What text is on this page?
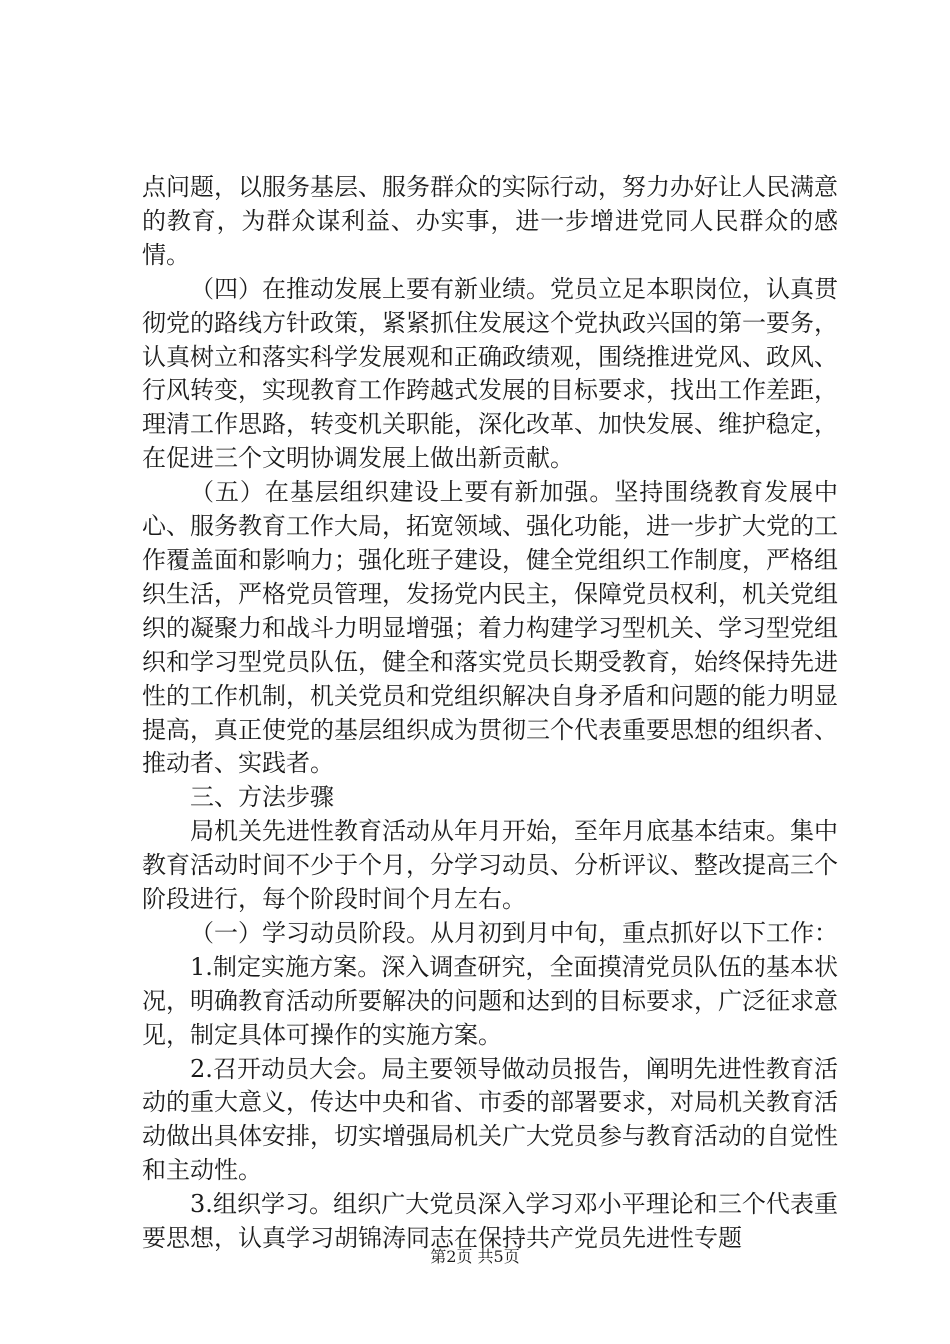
点问题，以服务基层、服务群众的实际行动，努力办好让人民满意的教育，为群众谋利益、办实事，进一步增进党同人民群众的感情。

（四）在推动发展上要有新业绩。党员立足本职岗位，认真贯彻党的路线方针政策，紧紧抓住发展这个党执政兴国的第一要务，认真树立和落实科学发展观和正确政绩观，围绕推进党风、政风、行风转变，实现教育工作跨越式发展的目标要求，找出工作差距，理清工作思路，转变机关职能，深化改革、加快发展、维护稳定，在促进三个文明协调发展上做出新贡献。

（五）在基层组织建设上要有新加强。坚持围绕教育发展中心、服务教育工作大局，拓宽领域、强化功能，进一步扩大党的工作覆盖面和影响力；强化班子建设，健全党组织工作制度，严格组织生活，严格党员管理，发扬党内民主，保障党员权利，机关党组织的凝聚力和战斗力明显增强；着力构建学习型机关、学习型党组织和学习型党员队伍，健全和落实党员长期受教育，始终保持先进性的工作机制，机关党员和党组织解决自身矛盾和问题的能力明显提高，真正使党的基层组织成为贯彻三个代表重要思想的组织者、推动者、实践者。

三、方法步骤

局机关先进性教育活动从年月开始，至年月底基本结束。集中教育活动时间不少于个月，分学习动员、分析评议、整改提高三个阶段进行，每个阶段时间个月左右。

（一）学习动员阶段。从月初到月中旬，重点抓好以下工作：

1.制定实施方案。深入调查研究，全面摸清党员队伍的基本状况，明确教育活动所要解决的问题和达到的目标要求，广泛征求意见，制定具体可操作的实施方案。

2.召开动员大会。局主要领导做动员报告，阐明先进性教育活动的重大意义，传达中央和省、市委的部署要求，对局机关教育活动做出具体安排，切实增强局机关广大党员参与教育活动的自觉性和主动性。

3.组织学习。组织广大党员深入学习邓小平理论和三个代表重要思想，认真学习胡锦涛同志在保持共产党员先进性专题

第2页 共5页
